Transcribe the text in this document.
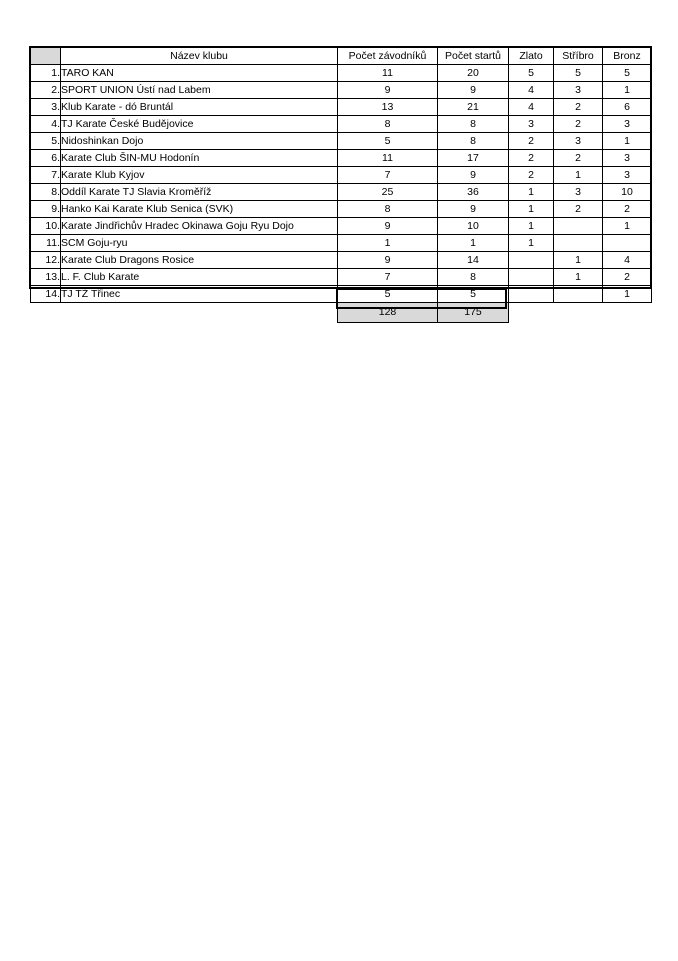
	Název klubu	Počet závodníků	Počet startů	Zlato	Stříbro	Bronz
1.	TARO KAN	11	20	5	5	5
2.	SPORT UNION Ústí nad Labem	9	9	4	3	1
3.	Klub Karate - dó Bruntál	13	21	4	2	6
4.	TJ Karate České Budějovice	8	8	3	2	3
5.	Nidoshinkan Dojo	5	8	2	3	1
6.	Karate Club ŠIN-MU Hodonín	11	17	2	2	3
7.	Karate Klub Kyjov	7	9	2	1	3
8.	Oddíl Karate TJ Slavia Kroměříž	25	36	1	3	10
9.	Hanko Kai Karate Klub Senica (SVK)	8	9	1	2	2
10.	Karate Jindřichův Hradec Okinawa Goju Ryu Dojo	9	10	1		1
11.	SCM Goju-ryu	1	1	1		
12.	Karate Club Dragons Rosice	9	14		1	4
13.	L. F. Club Karate	7	8		1	2
14.	TJ TŽ Třinec	5	5			1
		128	175			
